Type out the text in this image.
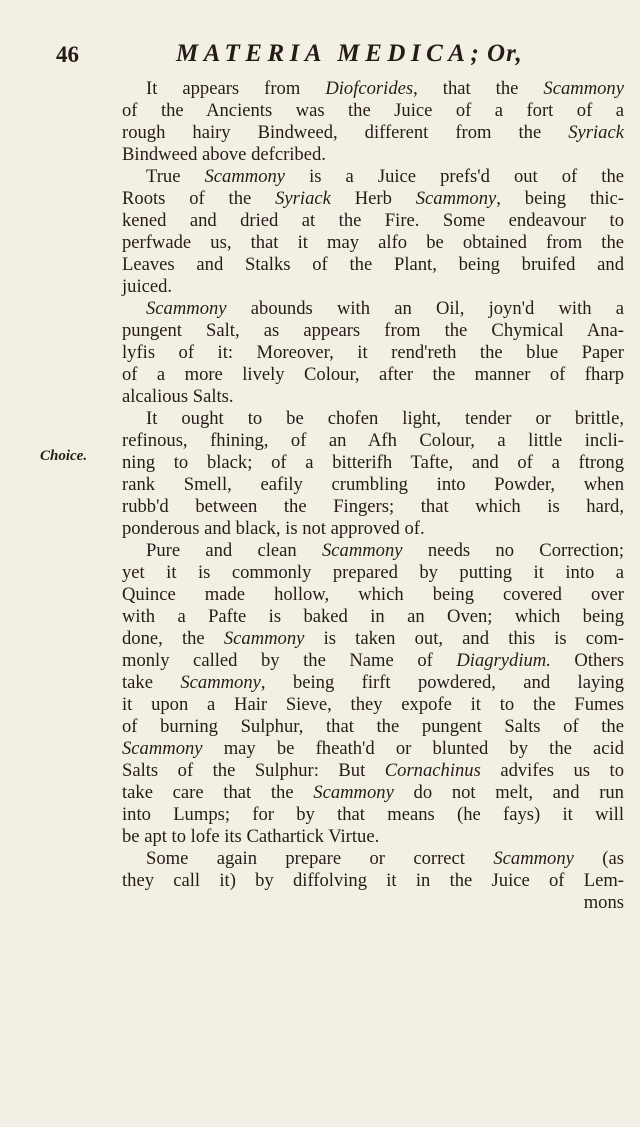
46	MATERIA MEDICA; Or,
Choice.
It appears from Diofcorides, that the Scammony
of the Ancients was the Juice of a fort of a
rough hairy Bindweed, different from the Syriack
Bindweed above defcribed.
True Scammony is a Juice prefs'd out of the
Roots of the Syriack Herb Scammony, being thic-
kened and dried at the Fire. Some endeavour to
perfwade us, that it may alfo be obtained from the
Leaves and Stalks of the Plant, being bruifed and
juiced.
Scammony abounds with an Oil, joyn'd with a
pungent Salt, as appears from the Chymical Ana-
lyfis of it: Moreover, it rend'reth the blue Paper
of a more lively Colour, after the manner of fharp
alcalious Salts.
It ought to be chofen light, tender or brittle,
refinous, fhining, of an Afh Colour, a little incli-
ning to black; of a bitterifh Tafte, and of a ftrong
rank Smell, eafily crumbling into Powder, when
rubb'd between the Fingers; that which is hard,
ponderous and black, is not approved of.
Pure and clean Scammony needs no Correction;
yet it is commonly prepared by putting it into a
Quince made hollow, which being covered over
with a Pafte is baked in an Oven; which being
done, the Scammony is taken out, and this is com-
monly called by the Name of Diagrydium. Others
take Scammony, being firft powdered, and laying
it upon a Hair Sieve, they expofe it to the Fumes
of burning Sulphur, that the pungent Salts of the
Scammony may be fheath'd or blunted by the acid
Salts of the Sulphur: But Cornachinus advifes us to
take care that the Scammony do not melt, and run
into Lumps; for by that means (he fays) it will
be apt to lofe its Cathartick Virtue.
Some again prepare or correct Scammony (as
they call it) by diffolving it in the Juice of Lem-
mons
